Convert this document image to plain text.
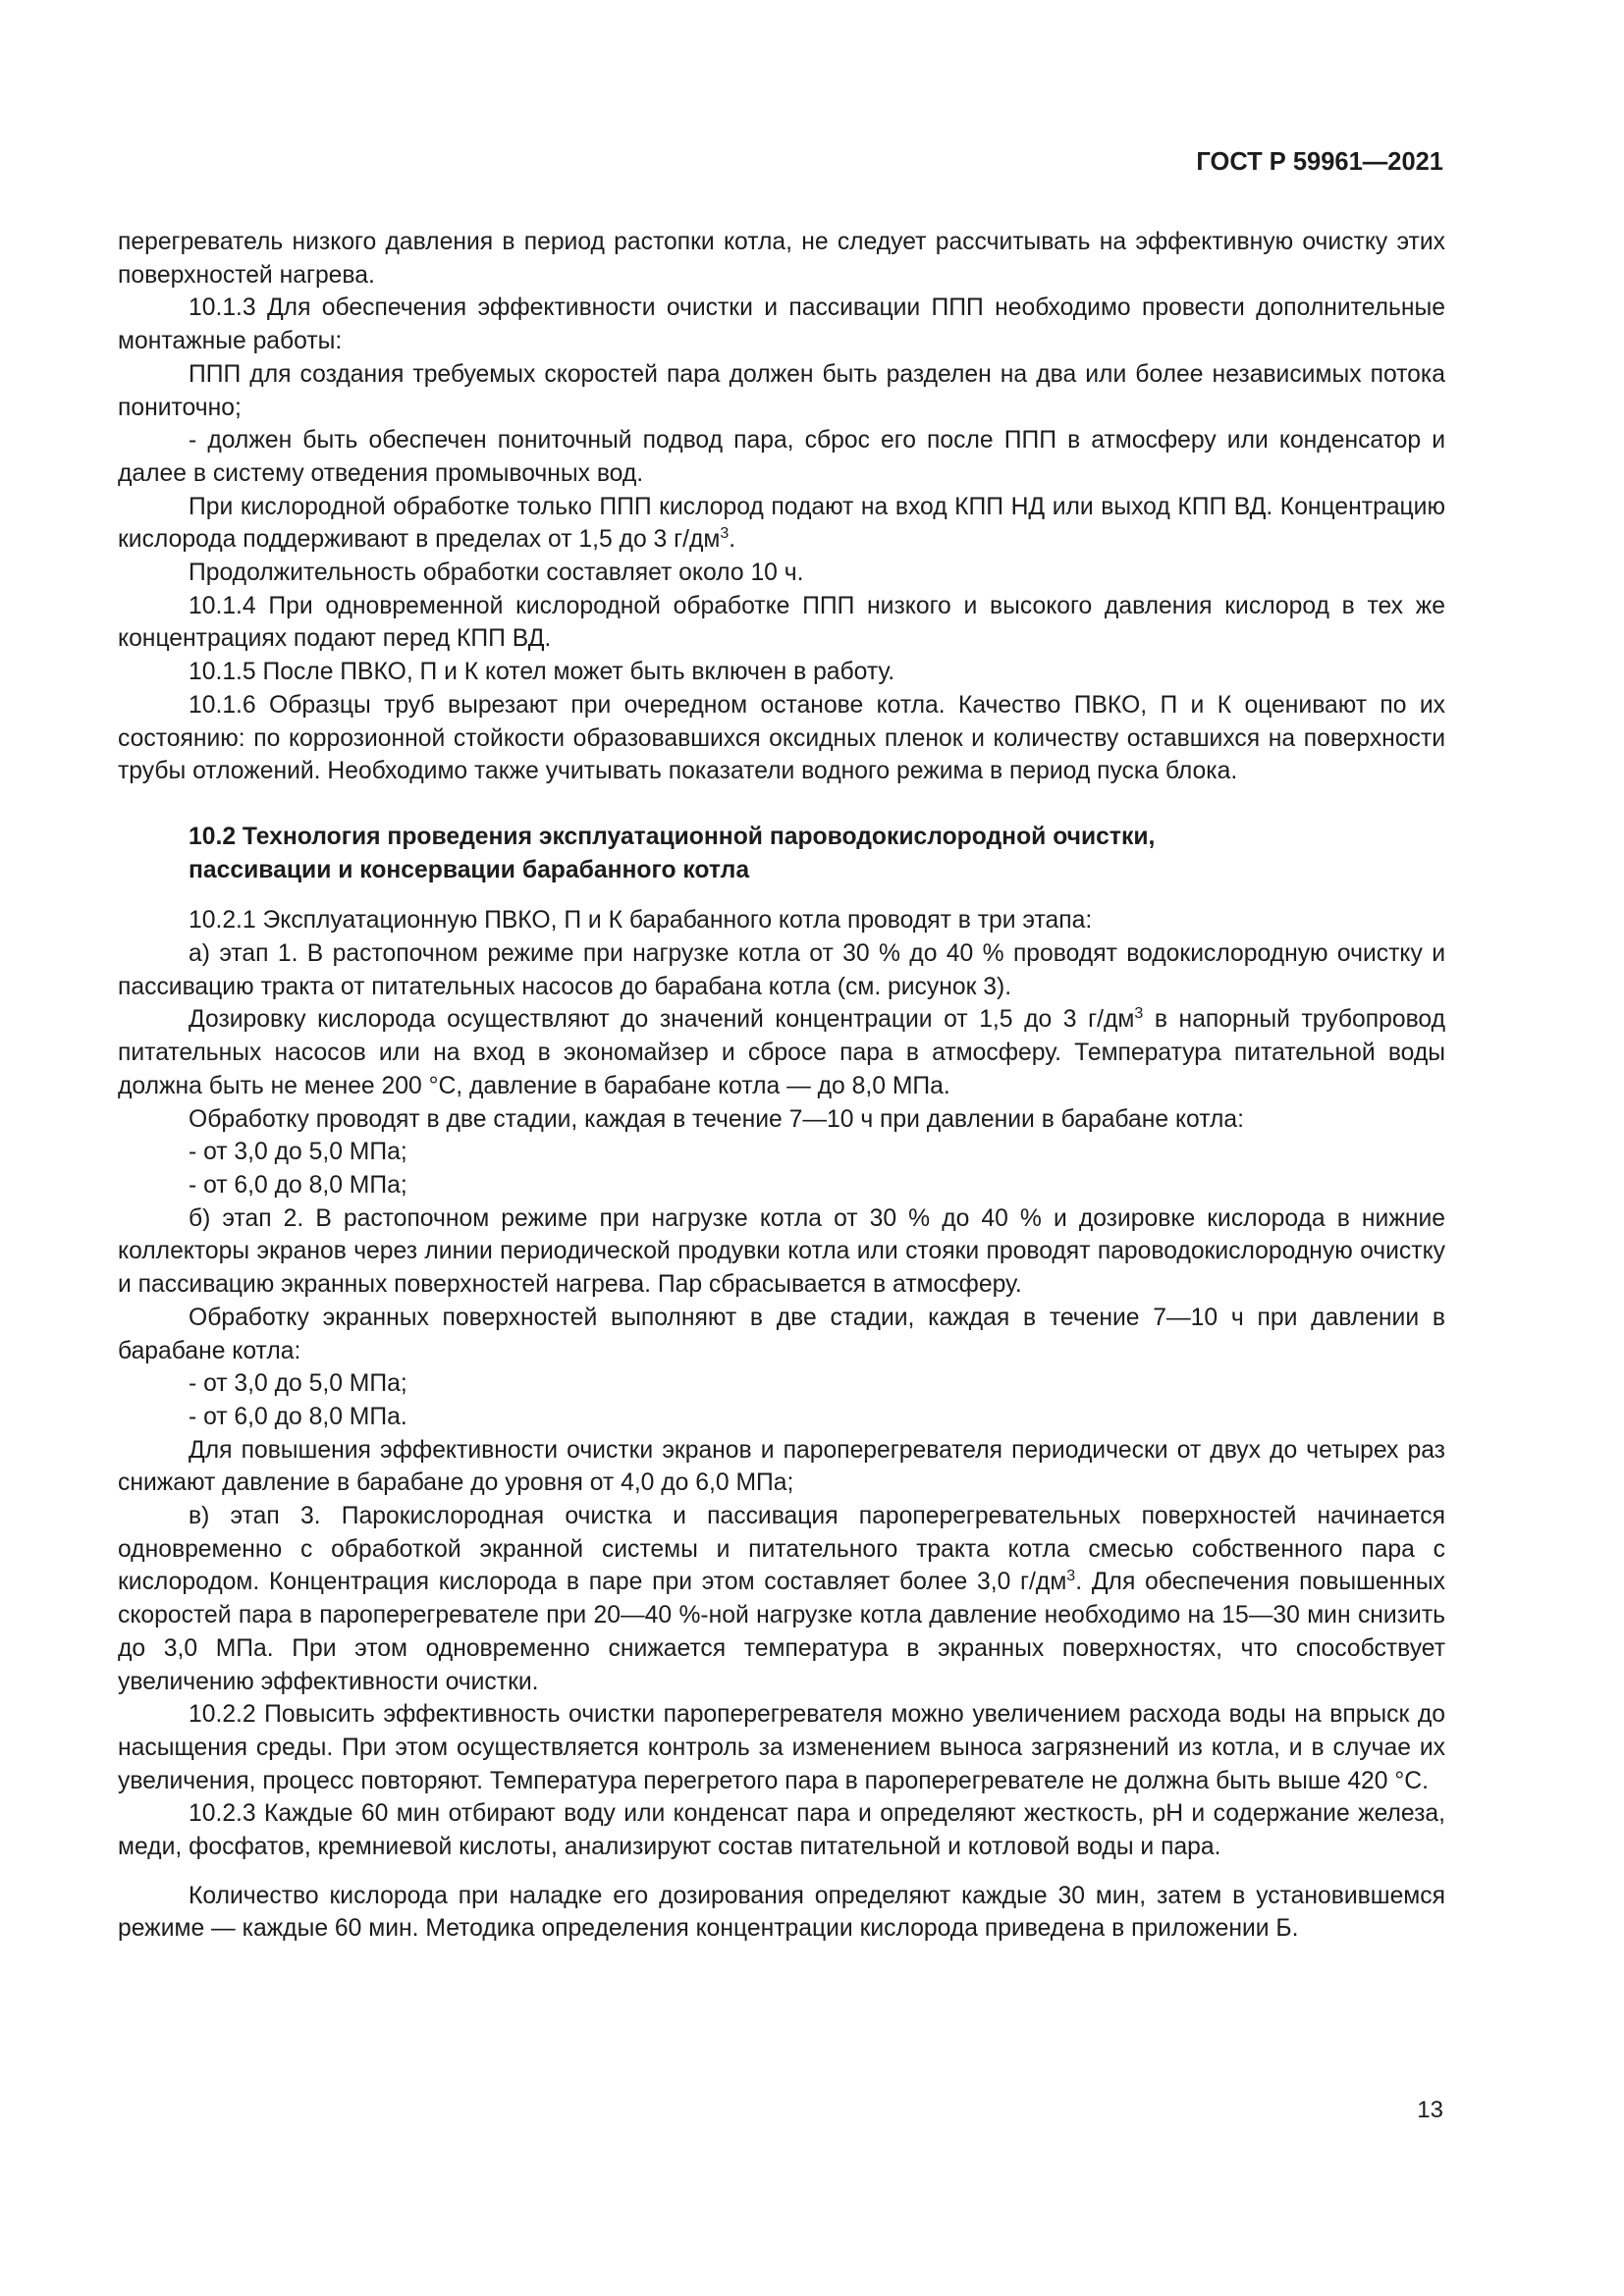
ГОСТ Р 59961—2021

перегреватель низкого давления в период растопки котла, не следует рассчитывать на эффективную очистку этих поверхностей нагрева.

10.1.3 Для обеспечения эффективности очистки и пассивации ППП необходимо провести дополнительные монтажные работы:

ППП для создания требуемых скоростей пара должен быть разделен на два или более независимых потока пониточно;

- должен быть обеспечен пониточный подвод пара, сброс его после ППП в атмосферу или конденсатор и далее в систему отведения промывочных вод.

При кислородной обработке только ППП кислород подают на вход КПП НД или выход КПП ВД. Концентрацию кислорода поддерживают в пределах от 1,5 до 3 $г/дм^3$.

Продолжительность обработки составляет около 10 ч.

10.1.4 При одновременной кислородной обработке ППП низкого и высокого давления кислород в тех же концентрациях подают перед КПП ВД.

10.1.5 После ПВКО, П и К котел может быть включен в работу.

10.1.6 Образцы труб вырезают при очередном останове котла. Качество ПВКО, П и К оценивают по их состоянию: по коррозионной стойкости образовавшихся оксидных пленок и количеству оставшихся на поверхности трубы отложений. Необходимо также учитывать показатели водного режима в период пуска блока.

10.2 Технология проведения эксплуатационной пароводокислородной очистки,
пассивации и консервации барабанного котла

10.2.1 Эксплуатационную ПВКО, П и К барабанного котла проводят в три этапа:

а) этап 1. В растопочном режиме при нагрузке котла от 30 % до 40 % проводят водокислородную очистку и пассивацию тракта от питательных насосов до барабана котла (см. рисунок 3).

Дозировку кислорода осуществляют до значений концентрации от 1,5 до 3 $г/дм^3$ в напорный трубопровод питательных насосов или на вход в экономайзер и сбросе пара в атмосферу. Температура питательной воды должна быть не менее 200 °С, давление в барабане котла — до 8,0 МПа.

Обработку проводят в две стадии, каждая в течение 7—10 ч при давлении в барабане котла:

- от 3,0 до 5,0 МПа;

- от 6,0 до 8,0 МПа;

б) этап 2. В растопочном режиме при нагрузке котла от 30 % до 40 % и дозировке кислорода в нижние коллекторы экранов через линии периодической продувки котла или стояки проводят пароводокислородную очистку и пассивацию экранных поверхностей нагрева. Пар сбрасывается в атмосферу.

Обработку экранных поверхностей выполняют в две стадии, каждая в течение 7—10 ч при давлении в барабане котла:

- от 3,0 до 5,0 МПа;

- от 6,0 до 8,0 МПа.

Для повышения эффективности очистки экранов и пароперегревателя периодически от двух до четырех раз снижают давление в барабане до уровня от 4,0 до 6,0 МПа;

в) этап 3. Парокислородная очистка и пассивация пароперегревательных поверхностей начинается одновременно с обработкой экранной системы и питательного тракта котла смесью собственного пара с кислородом. Концентрация кислорода в паре при этом составляет более 3,0 $г/дм^3$. Для обеспечения повышенных скоростей пара в пароперегревателе при 20—40 %-ной нагрузке котла давление необходимо на 15—30 мин снизить до 3,0 МПа. При этом одновременно снижается температура в экранных поверхностях, что способствует увеличению эффективности очистки.

10.2.2 Повысить эффективность очистки пароперегревателя можно увеличением расхода воды на впрыск до насыщения среды. При этом осуществляется контроль за изменением выноса загрязнений из котла, и в случае их увеличения, процесс повторяют. Температура перегретого пара в пароперегревателе не должна быть выше 420 °С.

10.2.3 Каждые 60 мин отбирают воду или конденсат пара и определяют жесткость, рН и содержание железа, меди, фосфатов, кремниевой кислоты, анализируют состав питательной и котловой воды и пара.

Количество кислорода при наладке его дозирования определяют каждые 30 мин, затем в установившемся режиме — каждые 60 мин. Методика определения концентрации кислорода приведена в приложении Б.

13
